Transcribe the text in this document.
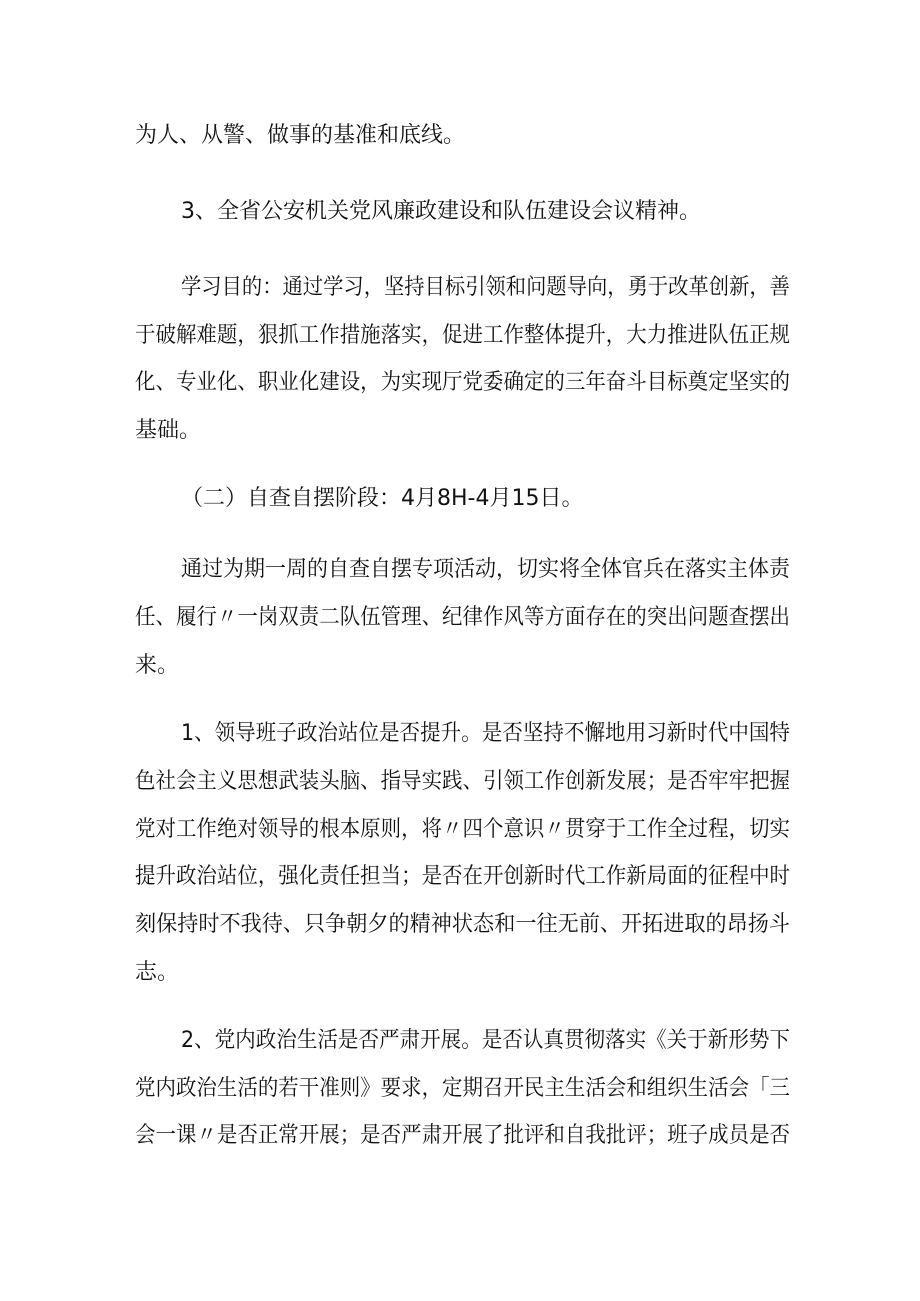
为人、从警、做事的基准和底线。
3、全省公安机关党风廉政建设和队伍建设会议精神。
学习目的：通过学习，坚持目标引领和问题导向，勇于改革创新，善
于破解难题，狠抓工作措施落实，促进工作整体提升，大力推进队伍正规
化、专业化、职业化建设，为实现厅党委确定的三年奋斗目标奠定坚实的
基础。
（二）自查自摆阶段：4月8H-4月15日。
通过为期一周的自查自摆专项活动，切实将全体官兵在落实主体责
任、履行〃一岗双责二队伍管理、纪律作风等方面存在的突出问题查摆出
来。
1、领导班子政治站位是否提升。是否坚持不懈地用习新时代中国特
色社会主义思想武装头脑、指导实践、引领工作创新发展；是否牢牢把握
党对工作绝对领导的根本原则，将〃四个意识〃贯穿于工作全过程，切实
提升政治站位，强化责任担当；是否在开创新时代工作新局面的征程中时
刻保持时不我待、只争朝夕的精神状态和一往无前、开拓进取的昂扬斗
志。
2、党内政治生活是否严肃开展。是否认真贯彻落实《关于新形势下
党内政治生活的若干准则》要求，定期召开民主生活会和组织生活会「三
会一课〃是否正常开展；是否严肃开展了批评和自我批评；班子成员是否
